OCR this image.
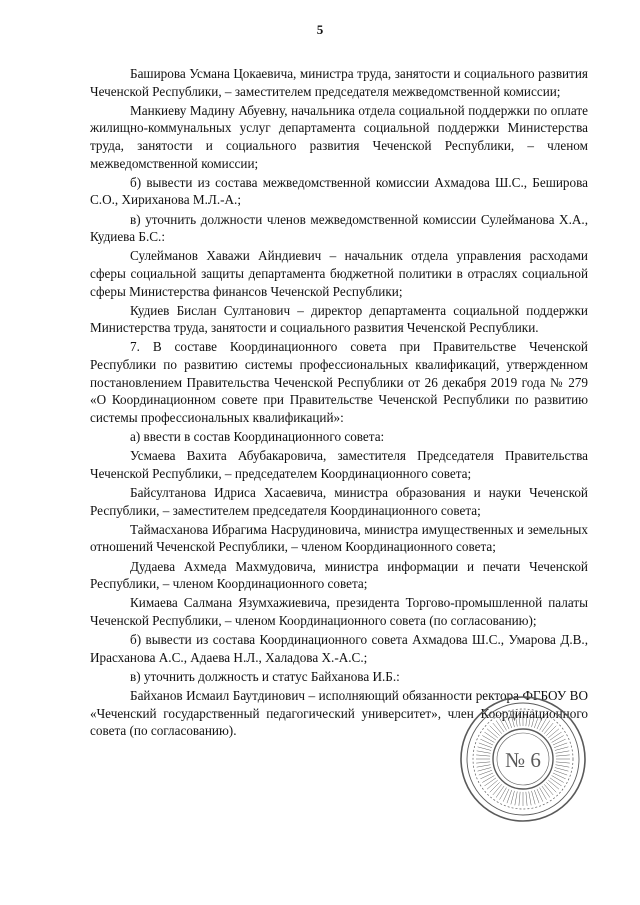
5

Баширова Усмана Цокаевича, министра труда, занятости и социального развития Чеченской Республики, – заместителем председателя межведомственной комиссии;

Манкиеву Мадину Абуевну, начальника отдела социальной поддержки по оплате жилищно-коммунальных услуг департамента социальной поддержки Министерства труда, занятости и социального развития Чеченской Республики, – членом межведомственной комиссии;

б) вывести из состава межведомственной комиссии Ахмадова Ш.С., Беширова С.О., Хириханова М.Л.-А.;

в) уточнить должности членов межведомственной комиссии Сулейманова Х.А., Кудиева Б.С.:

Сулейманов Хаважи Айндиевич – начальник отдела управления расходами сферы социальной защиты департамента бюджетной политики в отраслях социальной сферы Министерства финансов Чеченской Республики;

Кудиев Бислан Султанович – директор департамента социальной поддержки Министерства труда, занятости и социального развития Чеченской Республики.

7. В составе Координационного совета при Правительстве Чеченской Республики по развитию системы профессиональных квалификаций, утвержденном постановлением Правительства Чеченской Республики от 26 декабря 2019 года № 279 «О Координационном совете при Правительстве Чеченской Республики по развитию системы профессиональных квалификаций»:

а) ввести в состав Координационного совета:

Усмаева Вахита Абубакаровича, заместителя Председателя Правительства Чеченской Республики, – председателем Координационного совета;

Байсултанова Идриса Хасаевича, министра образования и науки Чеченской Республики, – заместителем председателя Координационного совета;

Таймасханова Ибрагима Насрудиновича, министра имущественных и земельных отношений Чеченской Республики, – членом Координационного совета;

Дудаева Ахмеда Махмудовича, министра информации и печати Чеченской Республики, – членом Координационного совета;

Кимаева Салмана Язумхажиевича, президента Торгово-промышленной палаты Чеченской Республики, – членом Координационного совета (по согласованию);

б) вывести из состава Координационного совета Ахмадова Ш.С., Умарова Д.В., Ирасханова А.С., Адаева Н.Л., Халадова Х.-А.С.;

в) уточнить должность и статус Байханова И.Б.:

Байханов Исмаил Баутдинович – исполняющий обязанности ректора ФГБОУ ВО «Чеченский государственный педагогический университет», член Координационного совета (по согласованию).

№ 6
